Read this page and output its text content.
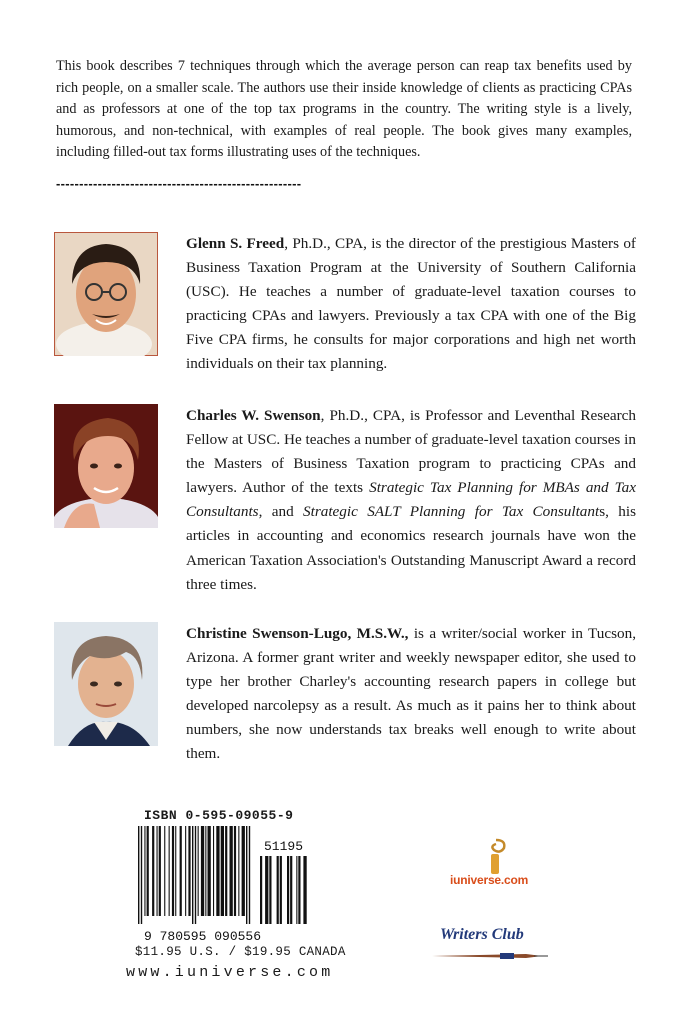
This book describes 7 techniques through which the average person can reap tax benefits used by rich people, on a smaller scale. The authors use their inside knowledge of clients as practicing CPAs and as professors at one of the top tax programs in the country. The writing style is a lively, humorous, and non-technical, with examples of real people. The book gives many examples, including filled-out tax forms illustrating uses of the techniques.
-----------------------------------------------------
Glenn S. Freed, Ph.D., CPA, is the director of the prestigious Masters of Business Taxation Program at the University of Southern California (USC). He teaches a number of graduate-level taxation courses to practicing CPAs and lawyers. Previously a tax CPA with one of the Big Five CPA firms, he consults for major corporations and high net worth individuals on their tax planning.
Charles W. Swenson, Ph.D., CPA, is Professor and Leventhal Research Fellow at USC. He teaches a number of graduate-level taxation courses in the Masters of Business Taxation program to practicing CPAs and lawyers. Author of the texts Strategic Tax Planning for MBAs and Tax Consultants, and Strategic SALT Planning for Tax Consultants, his articles in accounting and economics research journals have won the American Taxation Association's Outstanding Manuscript Award a record three times.
Christine Swenson-Lugo, M.S.W., is a writer/social worker in Tucson, Arizona. A former grant writer and weekly newspaper editor, she used to type her brother Charley's accounting research papers in college but developed narcolepsy as a result. As much as it pains her to think about numbers, she now understands tax breaks well enough to write about them.
ISBN 0-595-09055-9
9 780595 090556
51195
$11.95 U.S. / $19.95 CANADA
www.iuniverse.com
iuniverse.com
Writers Club
